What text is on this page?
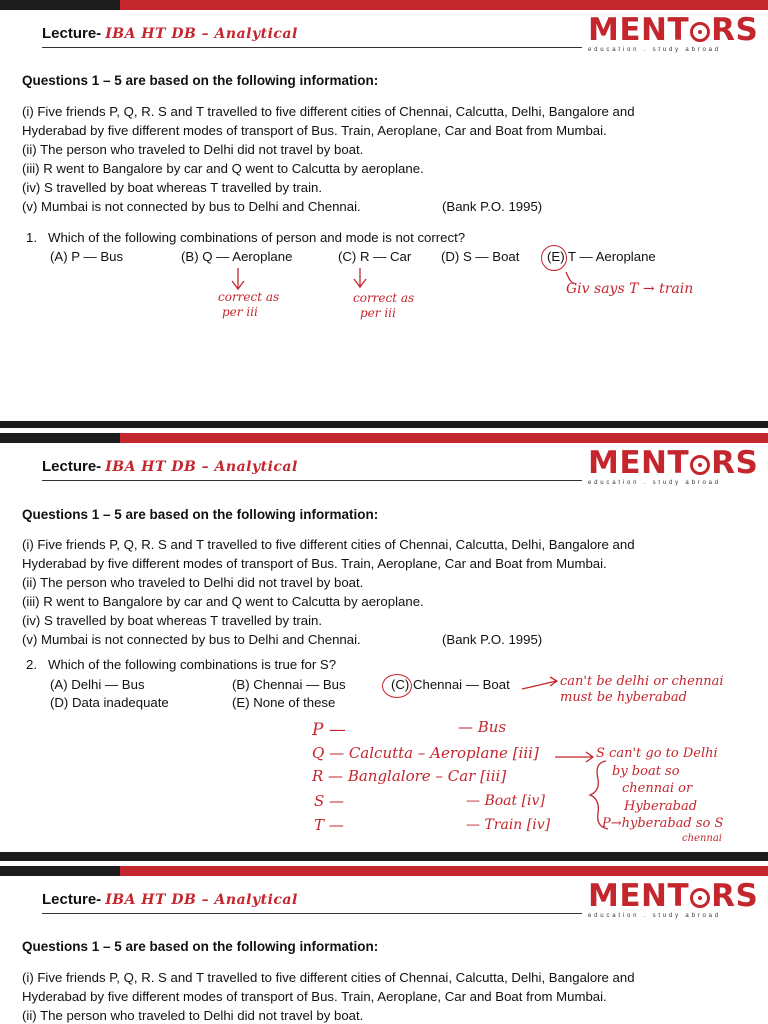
Lecture- IBA HT DB – Analytical	MENT RS
education . study abroad
Questions 1 – 5 are based on the following information:
(i) Five friends P, Q, R. S and T travelled to five different cities of Chennai, Calcutta, Delhi, Bangalore and
Hyderabad by five different modes of transport of Bus. Train, Aeroplane, Car and Boat from Mumbai.
(ii) The person who traveled to Delhi did not travel by boat.
(iii) R went to Bangalore by car and Q went to Calcutta by aeroplane.
(iv) S travelled by boat whereas T travelled by train.
(v) Mumbai is not connected by bus to Delhi and Chennai.	(Bank P.O. 1995)
1. Which of the following combinations of person and mode is not correct?
(A) P — Bus	(B) Q — Aeroplane	(C) R — Car (D) S — Boat (E) T — Aeroplane
correct as
per iii
correct as
per iii
Giv says T → train
Lecture- IBA HT DB – Analytical	MENT RS
education . study abroad
Questions 1 – 5 are based on the following information:
(i) Five friends P, Q, R. S and T travelled to five different cities of Chennai, Calcutta, Delhi, Bangalore and
Hyderabad by five different modes of transport of Bus. Train, Aeroplane, Car and Boat from Mumbai.
(ii) The person who traveled to Delhi did not travel by boat.
(iii) R went to Bangalore by car and Q went to Calcutta by aeroplane.
(iv) S travelled by boat whereas T travelled by train.
(v) Mumbai is not connected by bus to Delhi and Chennai.	(Bank P.O. 1995)
2. Which of the following combinations is true for S?
(A) Delhi — Bus	(B) Chennai — Bus	(C) Chennai — Boat
(D) Data inadequate	(E) None of these
can't be delhi or chennai
must be hyberabad
P —	— Bus
Q — Calcutta – Aeroplane [iii]
R — Banglalore – Car [iii]
S —	— Boat [iv]
T —	— Train [iv]
S can't go to Delhi
by boat so
chennai or
Hyberabad
P→hyberabad so S
chennai
Lecture- IBA HT DB – Analytical	MENT RS
education . study abroad
Questions 1 – 5 are based on the following information:
(i) Five friends P, Q, R. S and T travelled to five different cities of Chennai, Calcutta, Delhi, Bangalore and
Hyderabad by five different modes of transport of Bus. Train, Aeroplane, Car and Boat from Mumbai.
(ii) The person who traveled to Delhi did not travel by boat.
